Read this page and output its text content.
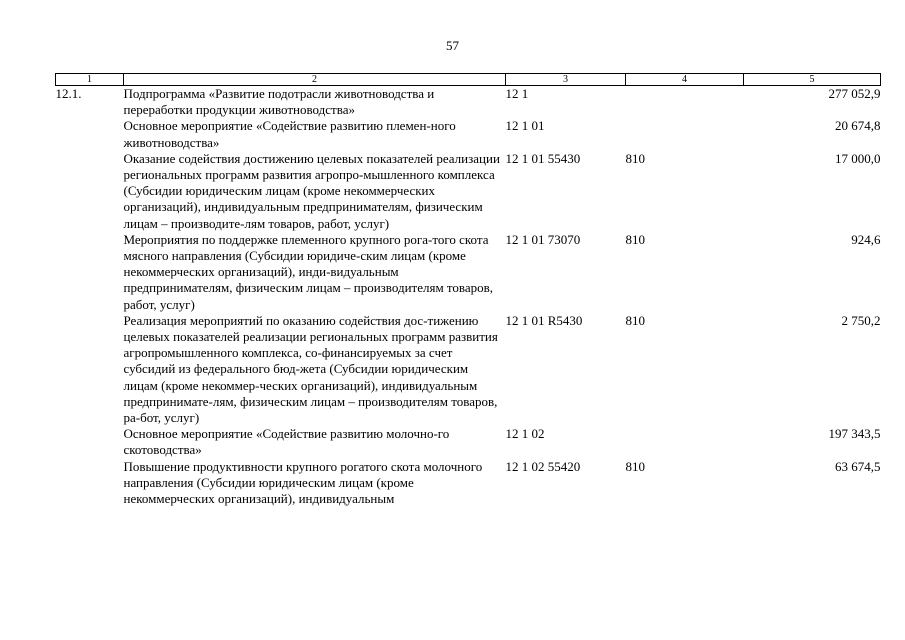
57
1	2	3	4	5
12.1.	Подпрограмма «Развитие подотрасли животноводства и переработки продукции животноводства»	12 1		277 052,9
	Основное мероприятие «Содействие развитию племен-ного животноводства»	12 1 01		20 674,8
	Оказание содействия достижению целевых показателей реализации региональных программ развития агропро-мышленного комплекса (Субсидии юридическим лицам (кроме некоммерческих организаций), индивидуальным предпринимателям, физическим лицам – производите-лям товаров, работ, услуг)	12 1 01 55430	810	17 000,0
	Мероприятия по поддержке племенного крупного рога-того скота мясного направления (Субсидии юридиче-ским лицам (кроме некоммерческих организаций), инди-видуальным предпринимателям, физическим лицам – производителям товаров, работ, услуг)	12 1 01 73070	810	924,6
	Реализация мероприятий по оказанию содействия дос-тижению целевых показателей реализации региональных программ развития агропромышленного комплекса, со-финансируемых за счет субсидий из федерального бюд-жета (Субсидии юридическим лицам (кроме некоммер-ческих организаций), индивидуальным предпринимате-лям, физическим лицам – производителям товаров, ра-бот, услуг)	12 1 01 R5430	810	2 750,2
	Основное мероприятие «Содействие развитию молочно-го скотоводства»	12 1 02		197 343,5
	Повышение продуктивности крупного рогатого скота молочного направления (Субсидии юридическим лицам (кроме некоммерческих организаций), индивидуальным	12 1 02 55420	810	63 674,5
